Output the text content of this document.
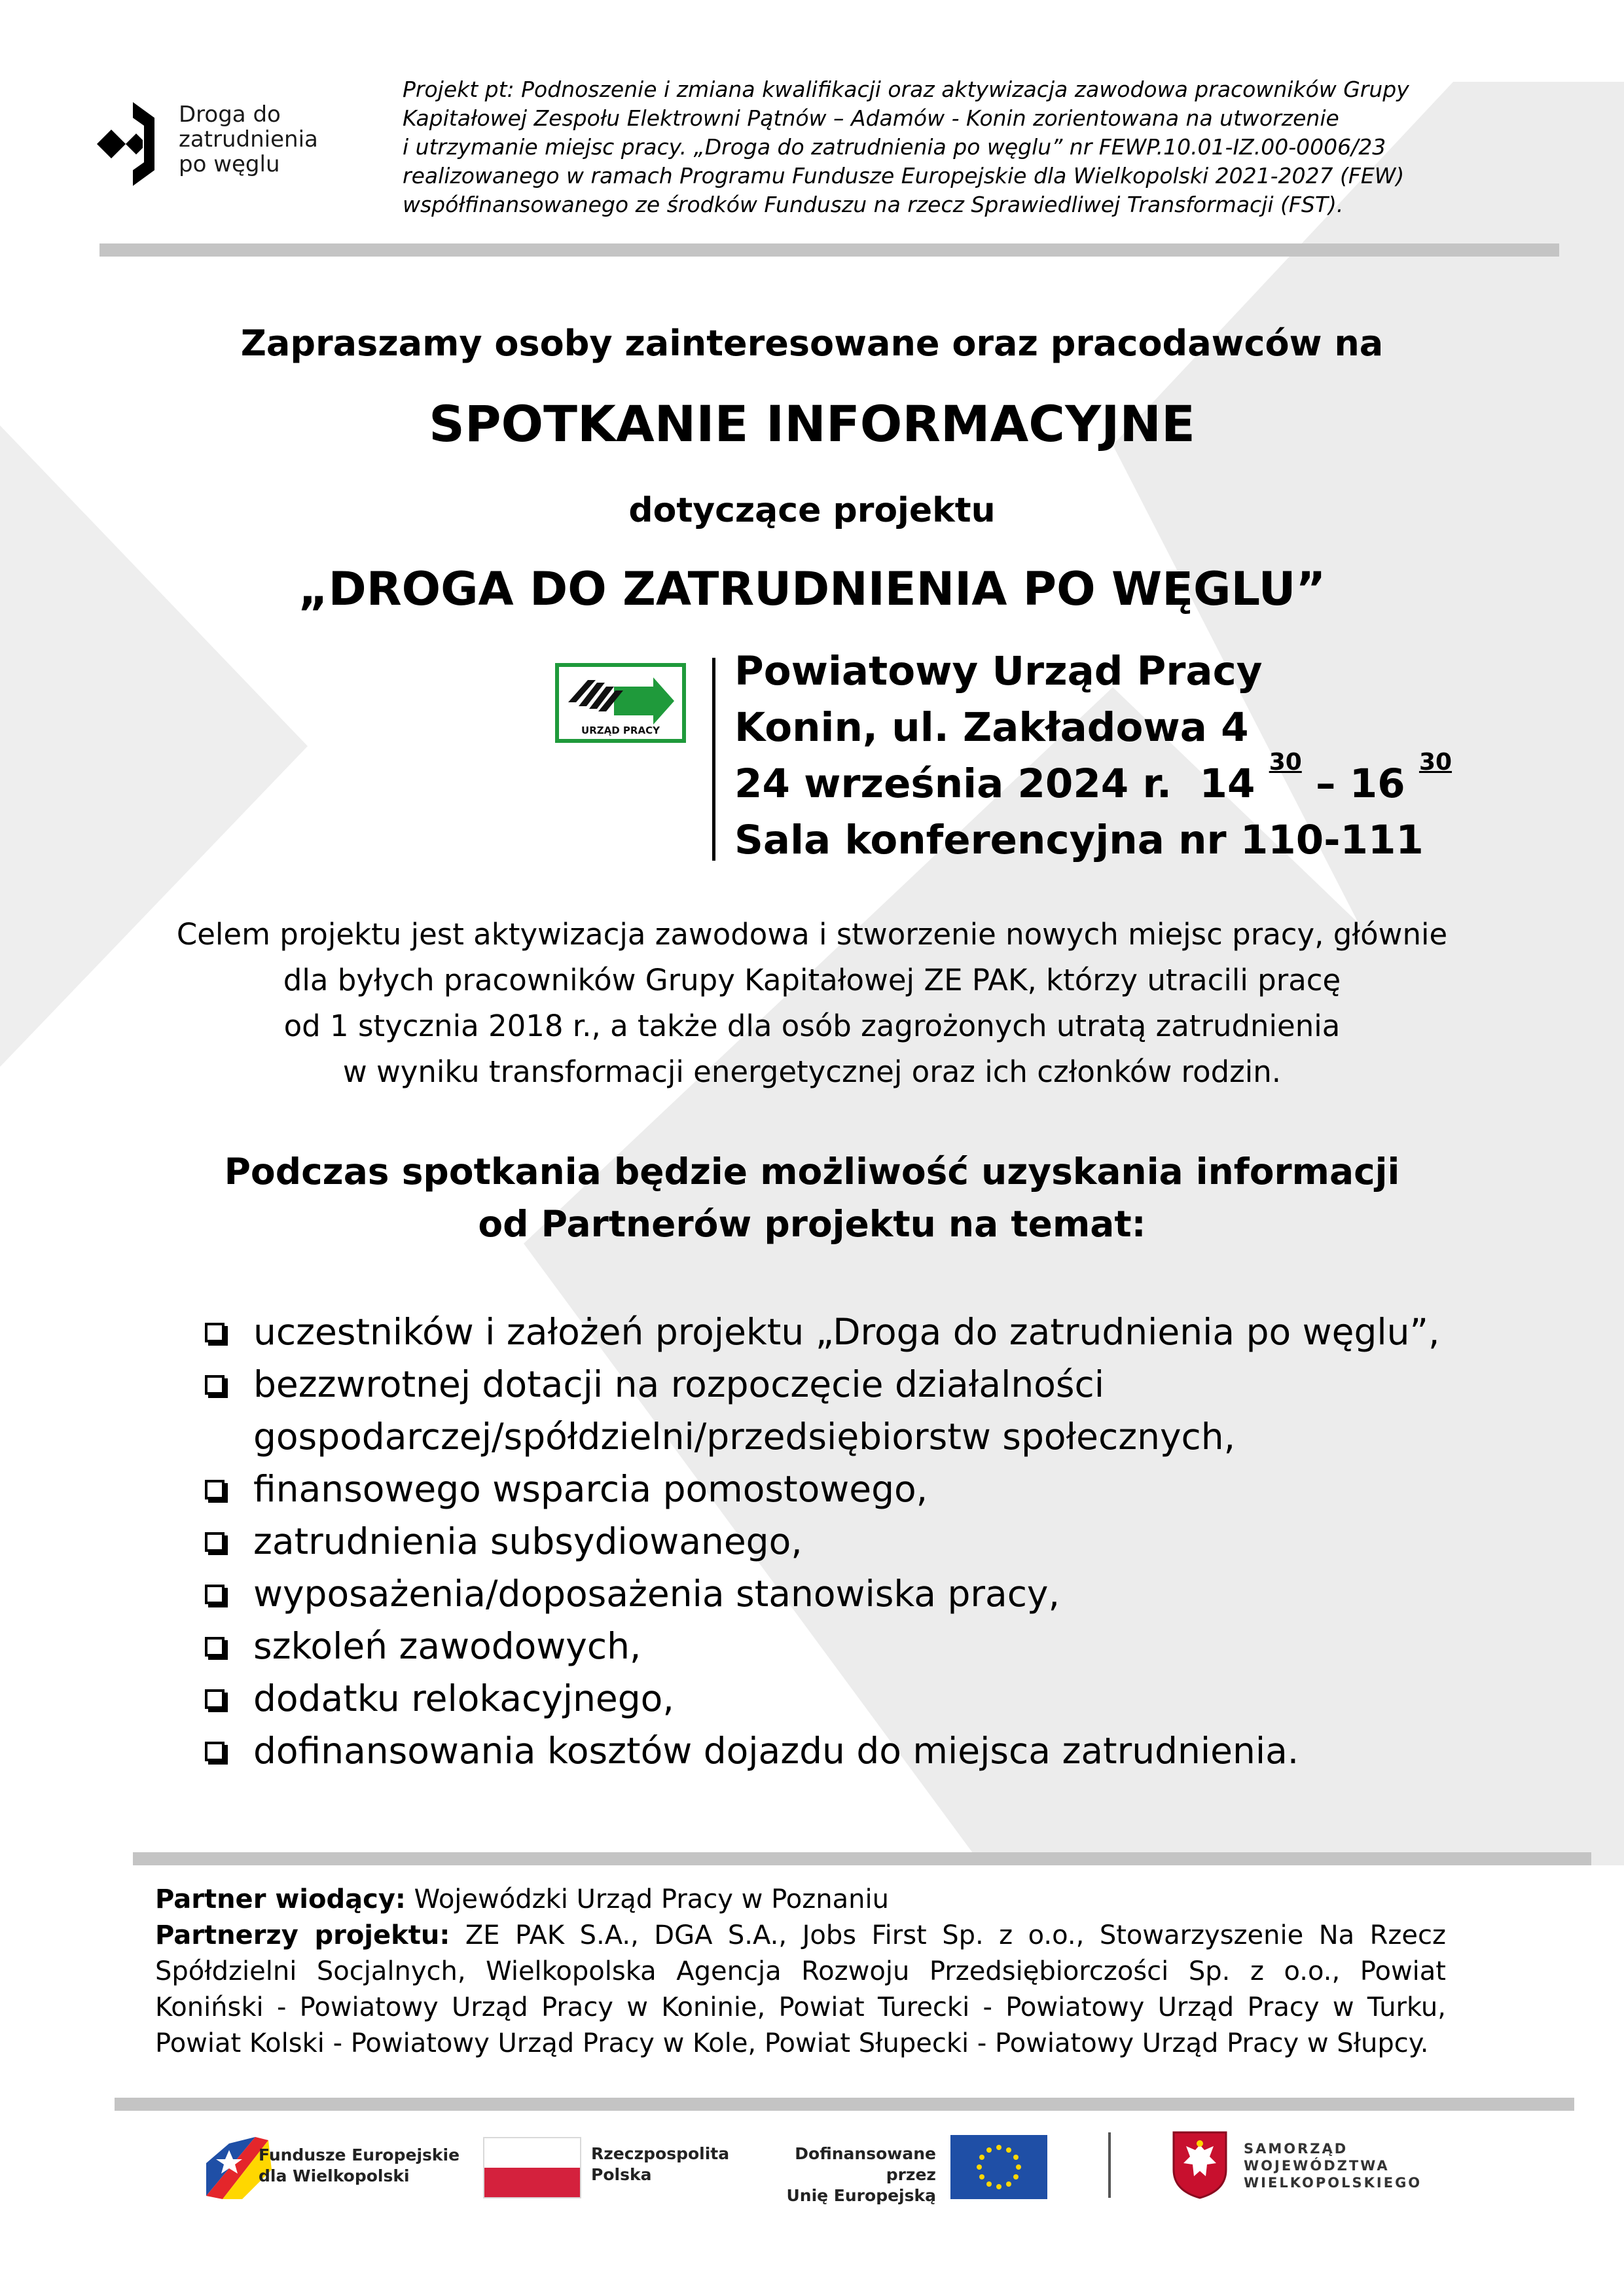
Droga do
zatrudnienia
po węglu
Projekt pt: Podnoszenie i zmiana kwalifikacji oraz aktywizacja zawodowa pracowników Grupy
Kapitałowej Zespołu Elektrowni Pątnów – Adamów - Konin zorientowana na utworzenie
i utrzymanie miejsc pracy. „Droga do zatrudnienia po węglu” nr FEWP.10.01-IZ.00-0006/23
realizowanego w ramach Programu Fundusze Europejskie dla Wielkopolski 2021-2027 (FEW)
współfinansowanego ze środków Funduszu na rzecz Sprawiedliwej Transformacji (FST).
Zapraszamy osoby zainteresowane oraz pracodawców na
SPOTKANIE INFORMACYJNE
dotyczące projektu
„DROGA DO ZATRUDNIENIA PO WĘGLU”
URZĄD PRACY
Powiatowy Urząd Pracy
Konin, ul. Zakładowa 4
24 września 2024 r. 14 $^{30}$ – 16 $^{30}$
Sala konferencyjna nr 110-111
Celem projektu jest aktywizacja zawodowa i stworzenie nowych miejsc pracy, głównie
dla byłych pracowników Grupy Kapitałowej ZE PAK, którzy utracili pracę
od 1 stycznia 2018 r., a także dla osób zagrożonych utratą zatrudnienia
w wyniku transformacji energetycznej oraz ich członków rodzin.
Podczas spotkania będzie możliwość uzyskania informacji
od Partnerów projektu na temat:
uczestników i założeń projektu „Droga do zatrudnienia po węglu”,
bezzwrotnej dotacji na rozpoczęcie działalności
gospodarczej/spółdzielni/przedsiębiorstw społecznych,
finansowego wsparcia pomostowego,
zatrudnienia subsydiowanego,
wyposażenia/doposażenia stanowiska pracy,
szkoleń zawodowych,
dodatku relokacyjnego,
dofinansowania kosztów dojazdu do miejsca zatrudnienia.
Partner wiodący: Wojewódzki Urząd Pracy w Poznaniu
Partnerzy projektu: ZE PAK S.A., DGA S.A., Jobs First Sp. z o.o., Stowarzyszenie Na Rzecz Spółdzielni Socjalnych, Wielkopolska Agencja Rozwoju Przedsiębiorczości Sp. z o.o., Powiat Koniński - Powiatowy Urząd Pracy w Koninie, Powiat Turecki - Powiatowy Urząd Pracy w Turku, Powiat Kolski - Powiatowy Urząd Pracy w Kole, Powiat Słupecki - Powiatowy Urząd Pracy w Słupcy.
Fundusze Europejskie
dla Wielkopolski
Rzeczpospolita
Polska
Dofinansowane przez
Unię Europejską
SAMORZĄD
WOJEWÓDZTWA
WIELKOPOLSKIEGO
